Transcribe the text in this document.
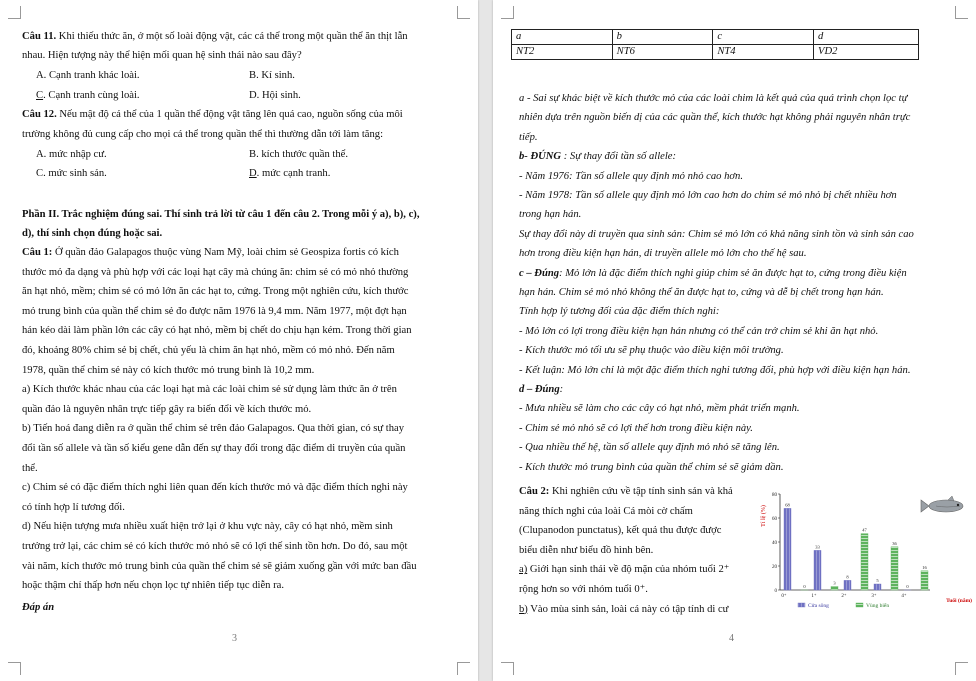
Câu 11. Khi thiếu thức ăn, ở một số loài động vật, các cá thể trong một quần thể ăn thịt lẫn
nhau. Hiện tượng này thể hiện mối quan hệ sinh thái nào sau đây?
A. Cạnh tranh khác loài.	B. Kí sinh.
C. Cạnh tranh cùng loài.	D. Hội sinh.
Câu 12. Nếu mật độ cá thể của 1 quần thể động vật tăng lên quá cao, nguồn sống của môi
trường không đủ cung cấp cho mọi cá thể trong quần thể thì thường dẫn tới làm tăng:
A. mức nhập cư.	B. kích thước quần thể.
C. mức sinh sản.	D. mức cạnh tranh.
Phần II. Trắc nghiệm đúng sai. Thí sinh trả lời từ câu 1 đến câu 2. Trong mỗi ý a), b), c),
d), thí sinh chọn đúng hoặc sai.
Câu 1: Ở quần đảo Galapagos thuộc vùng Nam Mỹ, loài chim sẻ Geospiza fortis có kích
thước mỏ đa dạng và phù hợp với các loại hạt cây mà chúng ăn: chim sẻ có mỏ nhỏ thường
ăn hạt nhỏ, mềm; chim sẻ có mỏ lớn ăn các hạt to, cứng. Trong một nghiên cứu, kích thước
mỏ trung bình của quần thể chim sẻ đo được năm 1976 là 9,4 mm. Năm 1977, một đợt hạn
hán kéo dài làm phần lớn các cây có hạt nhỏ, mềm bị chết do chịu hạn kém. Trong thời gian
đó, khoảng 80% chim sẻ bị chết, chủ yếu là chim ăn hạt nhỏ, mềm có mỏ nhỏ. Đến năm
1978, quần thể chim sẻ này có kích thước mỏ trung bình là 10,2 mm.
a) Kích thước khác nhau của các loại hạt mà các loài chim sẻ sử dụng làm thức ăn ở trên
quần đảo là nguyên nhân trực tiếp gây ra biến đổi về kích thước mỏ.
b) Tiến hoá đang diễn ra ở quần thể chim sẻ trên đảo Galapagos. Qua thời gian, có sự thay
đổi tần số allele và tần số kiểu gene dẫn đến sự thay đổi trong đặc điểm di truyền của quần
thể.
c) Chim sẻ có đặc điểm thích nghi liên quan đến kích thước mỏ và đặc điểm thích nghi này
có tính hợp lí tương đối.
d) Nếu hiện tượng mưa nhiều xuất hiện trở lại ở khu vực này, cây có hạt nhỏ, mềm sinh
trưởng trở lại, các chim sẻ có kích thước mỏ nhỏ sẽ có lợi thế sinh tồn hơn. Do đó, sau một
vài năm, kích thước mỏ trung bình của quần thể chim sẻ sẽ giảm xuống gần với mức ban đầu
hoặc thậm chí thấp hơn nếu chọn lọc tự nhiên tiếp tục diễn ra.
Đáp án
3
a	b	c	d
NT2	NT6	NT4	VD2
a - Sai sự khác biệt về kích thước mỏ của các loài chim là kết quả của quá trình chọn lọc tự
nhiên dựa trên nguồn biến dị của các quần thể, kích thước hạt không phải nguyên nhân trực
tiếp.
b- ĐÚNG : Sự thay đổi tần số allele:
- Năm 1976: Tần số allele quy định mỏ nhỏ cao hơn.
- Năm 1978: Tần số allele quy định mỏ lớn cao hơn do chim sẻ mỏ nhỏ bị chết nhiều hơn
trong hạn hán.
Sự thay đổi này di truyền qua sinh sản: Chim sẻ mỏ lớn có khả năng sinh tồn và sinh sản cao
hơn trong điều kiện hạn hán, di truyền allele mỏ lớn cho thế hệ sau.
c – Đúng: Mỏ lớn là đặc điểm thích nghi giúp chim sẻ ăn được hạt to, cứng trong điều kiện
hạn hán. Chim sẻ mỏ nhỏ không thể ăn được hạt to, cứng và dễ bị chết trong hạn hán.
Tính hợp lý tương đối của đặc điểm thích nghi:
- Mỏ lớn có lợi trong điều kiện hạn hán nhưng có thể cản trở chim sẻ khi ăn hạt nhỏ.
- Kích thước mỏ tối ưu sẽ phụ thuộc vào điều kiện môi trường.
- Kết luận: Mỏ lớn chỉ là một đặc điểm thích nghi tương đối, phù hợp với điều kiện hạn hán.
d – Đúng:
- Mưa nhiều sẽ làm cho các cây có hạt nhỏ, mềm phát triển mạnh.
- Chim sẻ mỏ nhỏ sẽ có lợi thế hơn trong điều kiện này.
- Qua nhiều thế hệ, tần số allele quy định mỏ nhỏ sẽ tăng lên.
- Kích thước mỏ trung bình của quần thể chim sẻ sẽ giảm dần.
Câu 2: Khi nghiên cứu về tập tính sinh sản và khả
năng thích nghi của loài Cá mòi cờ chấm
(Clupanodon punctatus), kết quả thu được được
biểu diễn như biểu đồ hình bên.
a) Giới hạn sinh thái về độ mặn của nhóm tuổi 2⁺
rộng hơn so với nhóm tuổi 0⁺.
b) Vào mùa sinh sản, loài cá này có tập tính di cư
Tỉ lệ (%)
0
20
40
60
80
68
0
0⁺
33
3
1⁺
8
47
2⁺
5
36
3⁺
0
16
4⁺
Tuổi (năm)
Cửa sông	Vùng biển
4
